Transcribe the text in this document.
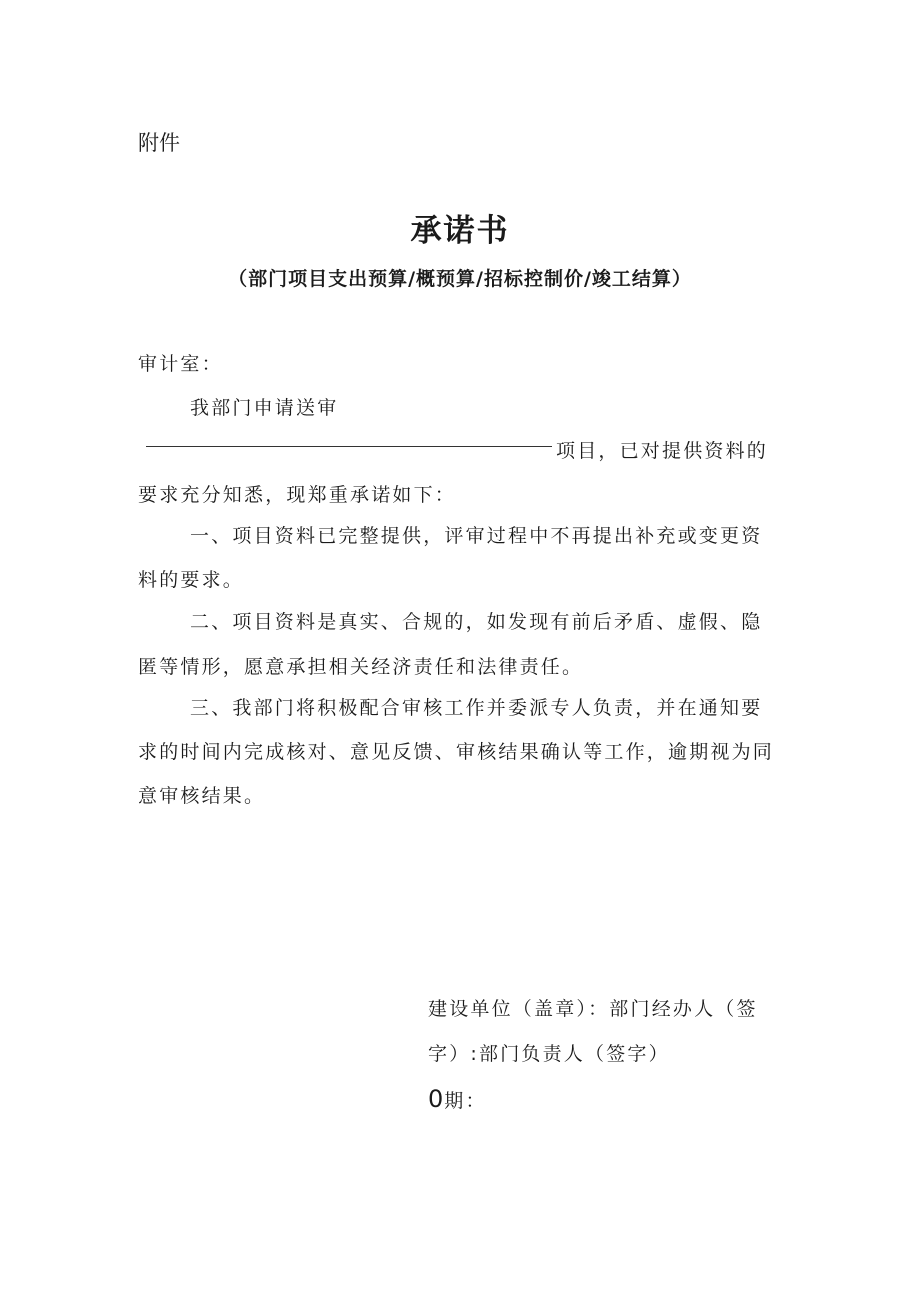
附件
承诺书
（部门项目支出预算/概预算/招标控制价/竣工结算）
审计室：
我部门申请送审
项目，已对提供资料的
要求充分知悉，现郑重承诺如下：
一、项目资料已完整提供，评审过程中不再提出补充或变更资
料的要求。
二、项目资料是真实、合规的，如发现有前后矛盾、虚假、隐
匿等情形，愿意承担相关经济责任和法律责任。
三、我部门将积极配合审核工作并委派专人负责，并在通知要
求的时间内完成核对、意见反馈、审核结果确认等工作，逾期视为同
意审核结果。
建设单位（盖章）：部门经办人（签
字）:部门负责人（签字）
0期：
